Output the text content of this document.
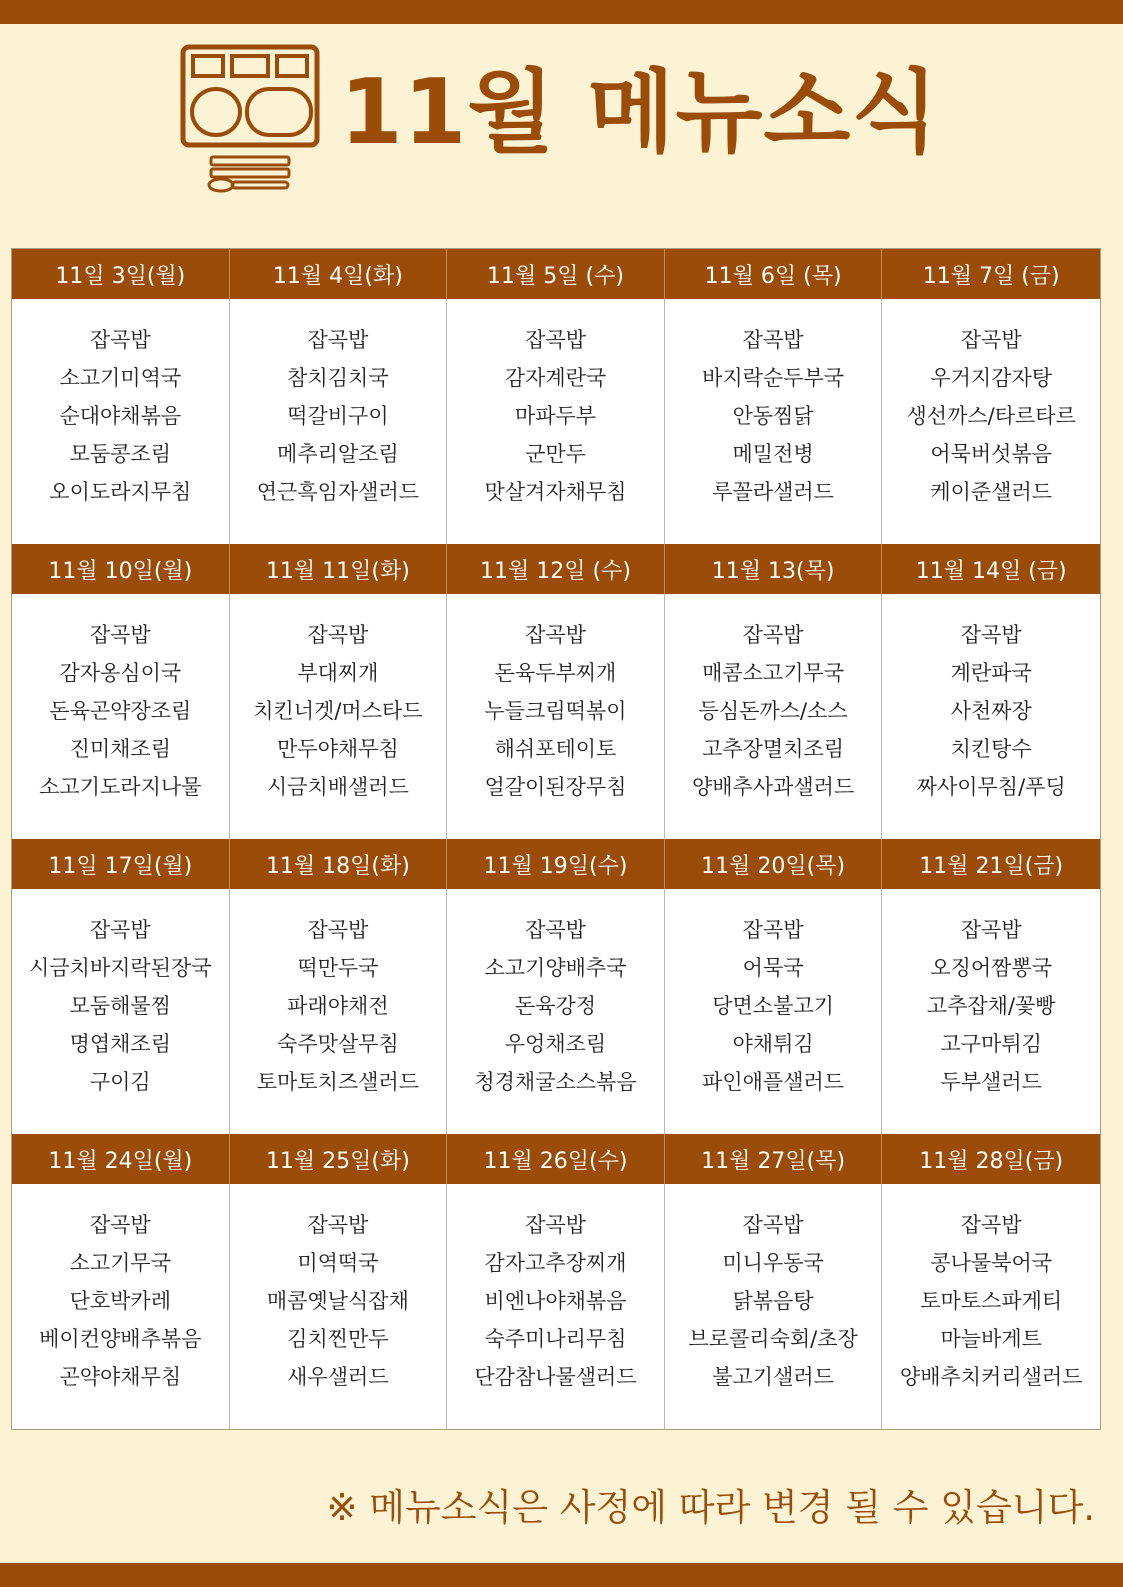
11월 메뉴소식
11일 3일(월)	11월 4일(화)	11월 5일 (수)	11월 6일 (목)	11월 7일 (금)
잡곡밥
소고기미역국
순대야채볶음
모둠콩조림
오이도라지무침
잡곡밥
참치김치국
떡갈비구이
메추리알조림
연근흑임자샐러드
잡곡밥
감자계란국
마파두부
군만두
맛살겨자채무침
잡곡밥
바지락순두부국
안동찜닭
메밀전병
루꼴라샐러드
잡곡밥
우거지감자탕
생선까스/타르타르
어묵버섯볶음
케이준샐러드
11월 10일(월)	11월 11일(화)	11월 12일 (수)	11월 13(목)	11월 14일 (금)
잡곡밥
감자옹심이국
돈육곤약장조림
진미채조림
소고기도라지나물
잡곡밥
부대찌개
치킨너겟/머스타드
만두야채무침
시금치배샐러드
잡곡밥
돈육두부찌개
누들크림떡볶이
해쉬포테이토
얼갈이된장무침
잡곡밥
매콤소고기무국
등심돈까스/소스
고추장멸치조림
양배추사과샐러드
잡곡밥
계란파국
사천짜장
치킨탕수
짜사이무침/푸딩
11일 17일(월)	11월 18일(화)	11월 19일(수)	11월 20일(목)	11월 21일(금)
잡곡밥
시금치바지락된장국
모둠해물찜
명엽채조림
구이김
잡곡밥
떡만두국
파래야채전
숙주맛살무침
토마토치즈샐러드
잡곡밥
소고기양배추국
돈육강정
우엉채조림
청경채굴소스볶음
잡곡밥
어묵국
당면소불고기
야채튀김
파인애플샐러드
잡곡밥
오징어짬뽕국
고추잡채/꽃빵
고구마튀김
두부샐러드
11월 24일(월)	11월 25일(화)	11월 26일(수)	11월 27일(목)	11월 28일(금)
잡곡밥
소고기무국
단호박카레
베이컨양배추볶음
곤약야채무침
잡곡밥
미역떡국
매콤옛날식잡채
김치찐만두
새우샐러드
잡곡밥
감자고추장찌개
비엔나야채볶음
숙주미나리무침
단감참나물샐러드
잡곡밥
미니우동국
닭볶음탕
브로콜리숙회/초장
불고기샐러드
잡곡밥
콩나물북어국
토마토스파게티
마늘바게트
양배추치커리샐러드
※ 메뉴소식은 사정에 따라 변경 될 수 있습니다.
